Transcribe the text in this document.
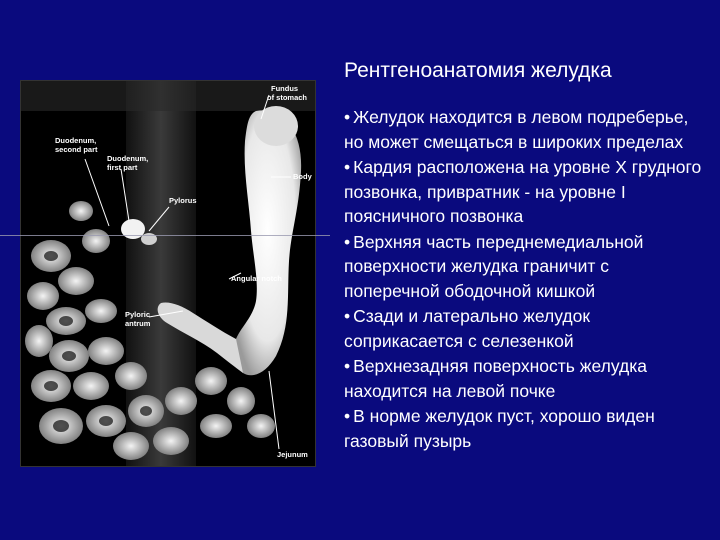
Fundus of stomach
Body
Duodenum, second part
Duodenum, first part
Pylorus
Angular notch
Pyloric antrum
Jejunum
Рентгеноанатомия желудка
• Желудок находится в левом подреберье, но может смещаться в широких пределах
• Кардия расположена на уровне X грудного позвонка, привратник - на уровне I поясничного позвонка
• Верхняя часть переднемедиальной поверхности желудка граничит с поперечной ободочной кишкой
• Сзади и латерально желудок соприкасается с селезенкой
• Верхнезадняя поверхность желудка находится на левой почке
• В норме желудок пуст, хорошо виден газовый пузырь
